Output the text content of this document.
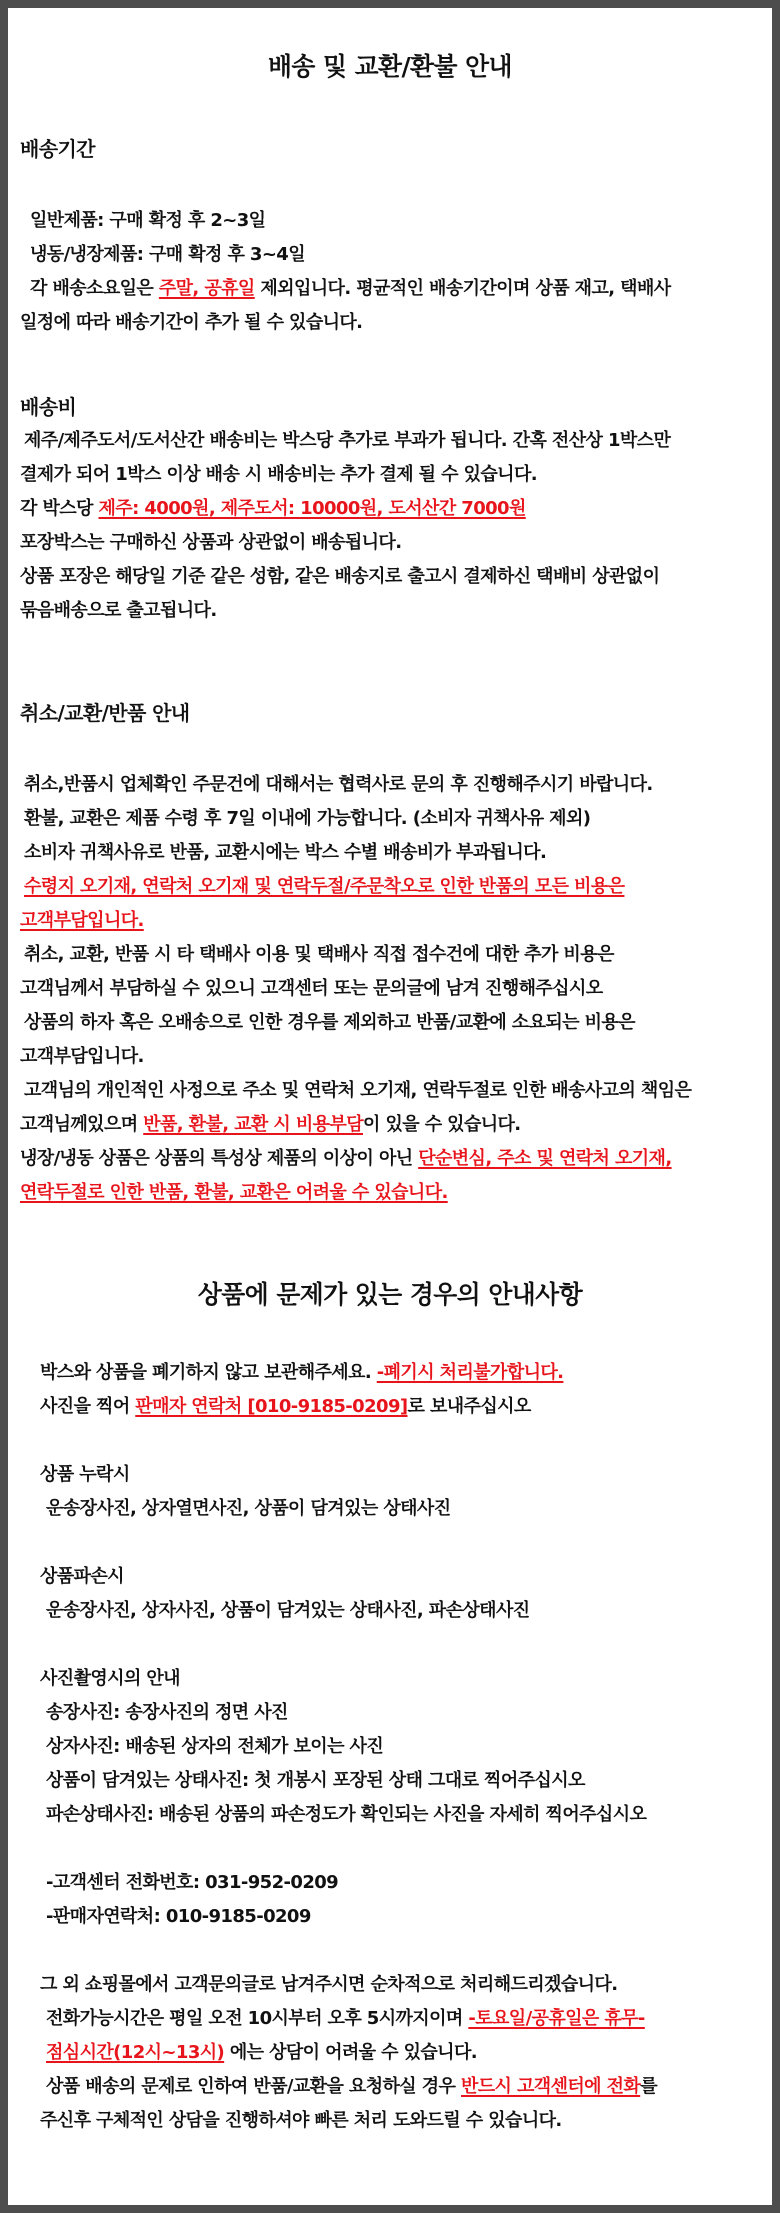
배송 및 교환/환불 안내
배송기간
일반제품: 구매 확정 후 2~3일
냉동/냉장제품: 구매 확정 후 3~4일
각 배송소요일은 주말, 공휴일 제외입니다. 평균적인 배송기간이며 상품 재고, 택배사
일정에 따라 배송기간이 추가 될 수 있습니다.
배송비
제주/제주도서/도서산간 배송비는 박스당 추가로 부과가 됩니다. 간혹 전산상 1박스만
결제가 되어 1박스 이상 배송 시 배송비는 추가 결제 될 수 있습니다.
각 박스당 제주: 4000원, 제주도서: 10000원, 도서산간 7000원
포장박스는 구매하신 상품과 상관없이 배송됩니다.
상품 포장은 해당일 기준 같은 성함, 같은 배송지로 출고시 결제하신 택배비 상관없이
묶음배송으로 출고됩니다.
취소/교환/반품 안내
취소,반품시 업체확인 주문건에 대해서는 협력사로 문의 후 진행해주시기 바랍니다.
환불, 교환은 제품 수령 후 7일 이내에 가능합니다. (소비자 귀책사유 제외)
소비자 귀책사유로 반품, 교환시에는 박스 수별 배송비가 부과됩니다.
수령지 오기재, 연락처 오기재 및 연락두절/주문착오로 인한 반품의 모든 비용은
고객부담입니다.
취소, 교환, 반품 시 타 택배사 이용 및 택배사 직접 접수건에 대한 추가 비용은
고객님께서 부담하실 수 있으니 고객센터 또는 문의글에 남겨 진행해주십시오
상품의 하자 혹은 오배송으로 인한 경우를 제외하고 반품/교환에 소요되는 비용은
고객부담입니다.
고객님의 개인적인 사정으로 주소 및 연락처 오기재, 연락두절로 인한 배송사고의 책임은
고객님께있으며 반품, 환불, 교환 시 비용부담이 있을 수 있습니다.
냉장/냉동 상품은 상품의 특성상 제품의 이상이 아닌 단순변심, 주소 및 연락처 오기재,
연락두절로 인한 반품, 환불, 교환은 어려울 수 있습니다.
상품에 문제가 있는 경우의 안내사항
박스와 상품을 폐기하지 않고 보관해주세요. -폐기시 처리불가합니다.
사진을 찍어 판매자 연락처 [010-9185-0209]로 보내주십시오
상품 누락시
운송장사진, 상자열면사진, 상품이 담겨있는 상태사진
상품파손시
운송장사진, 상자사진, 상품이 담겨있는 상태사진, 파손상태사진
사진촬영시의 안내
송장사진: 송장사진의 정면 사진
상자사진: 배송된 상자의 전체가 보이는 사진
상품이 담겨있는 상태사진: 첫 개봉시 포장된 상태 그대로 찍어주십시오
파손상태사진: 배송된 상품의 파손정도가 확인되는 사진을 자세히 찍어주십시오
-고객센터 전화번호: 031-952-0209
-판매자연락처: 010-9185-0209
그 외 쇼핑몰에서 고객문의글로 남겨주시면 순차적으로 처리해드리겠습니다.
전화가능시간은 평일 오전 10시부터 오후 5시까지이며 -토요일/공휴일은 휴무-
점심시간(12시~13시) 에는 상담이 어려울 수 있습니다.
상품 배송의 문제로 인하여 반품/교환을 요청하실 경우 반드시 고객센터에 전화를
주신후 구체적인 상담을 진행하셔야 빠른 처리 도와드릴 수 있습니다.
